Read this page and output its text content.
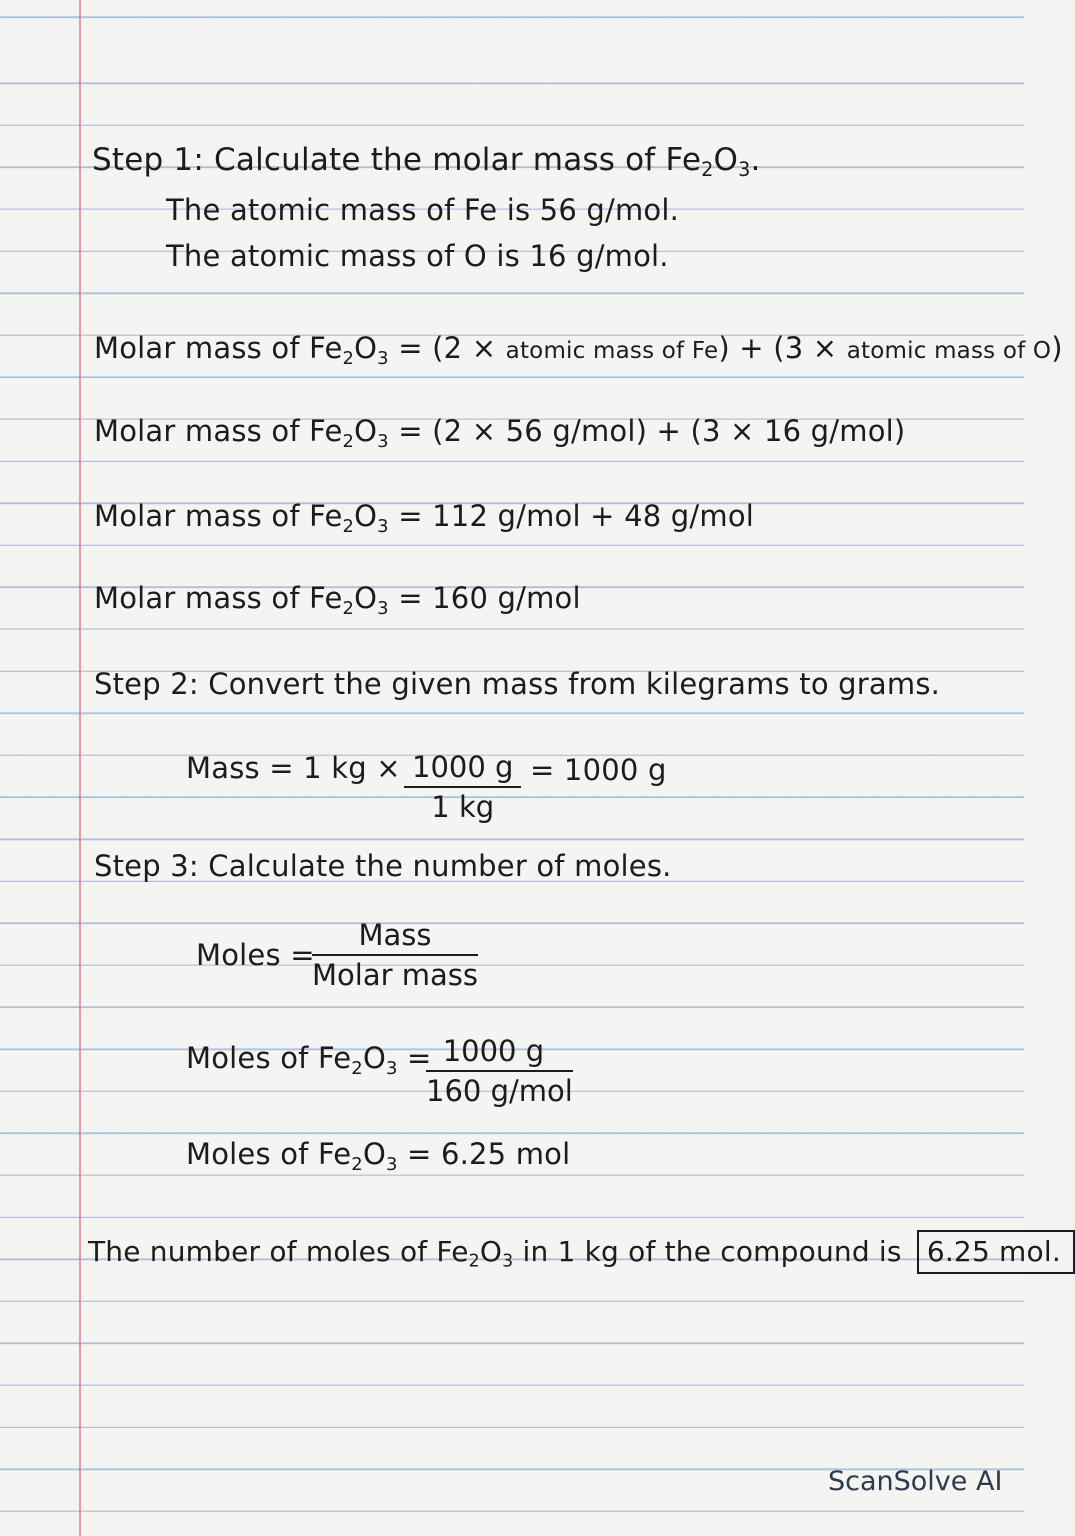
Step 1: Calculate the molar mass of $Fe_2O_3$.
The atomic mass of Fe is 56 g/mol.
The atomic mass of O is 16 g/mol.
Molar mass of $Fe_2O_3 = (2$ × atomic mass of Fe) + (3 × atomic mass of O)
Molar mass of $Fe_2O_3 = (2 \times 56$ g/mol) + (3 × 16 g/mol)
Molar mass of $Fe_2O_3 = 112$ g/mol + 48 g/mol
Molar mass of $Fe_2O_3 = 160$ g/mol
Step 2: Convert the given mass from kilegrams to grams.
Mass = 1 kg × $\frac{1000 g}{1 kg} = 1000$ g
Step 3: Calculate the number of moles.
Moles =
Mass
Molar mass
Moles of $Fe_2O_3 = 1000$ g
160 g/mol
Moles of $Fe_2O_3 = 6.25$ mol
The number of moles of $Fe_2O_3$ in 1 kg of the compound is 6.25 mol.
ScanSolve AI
